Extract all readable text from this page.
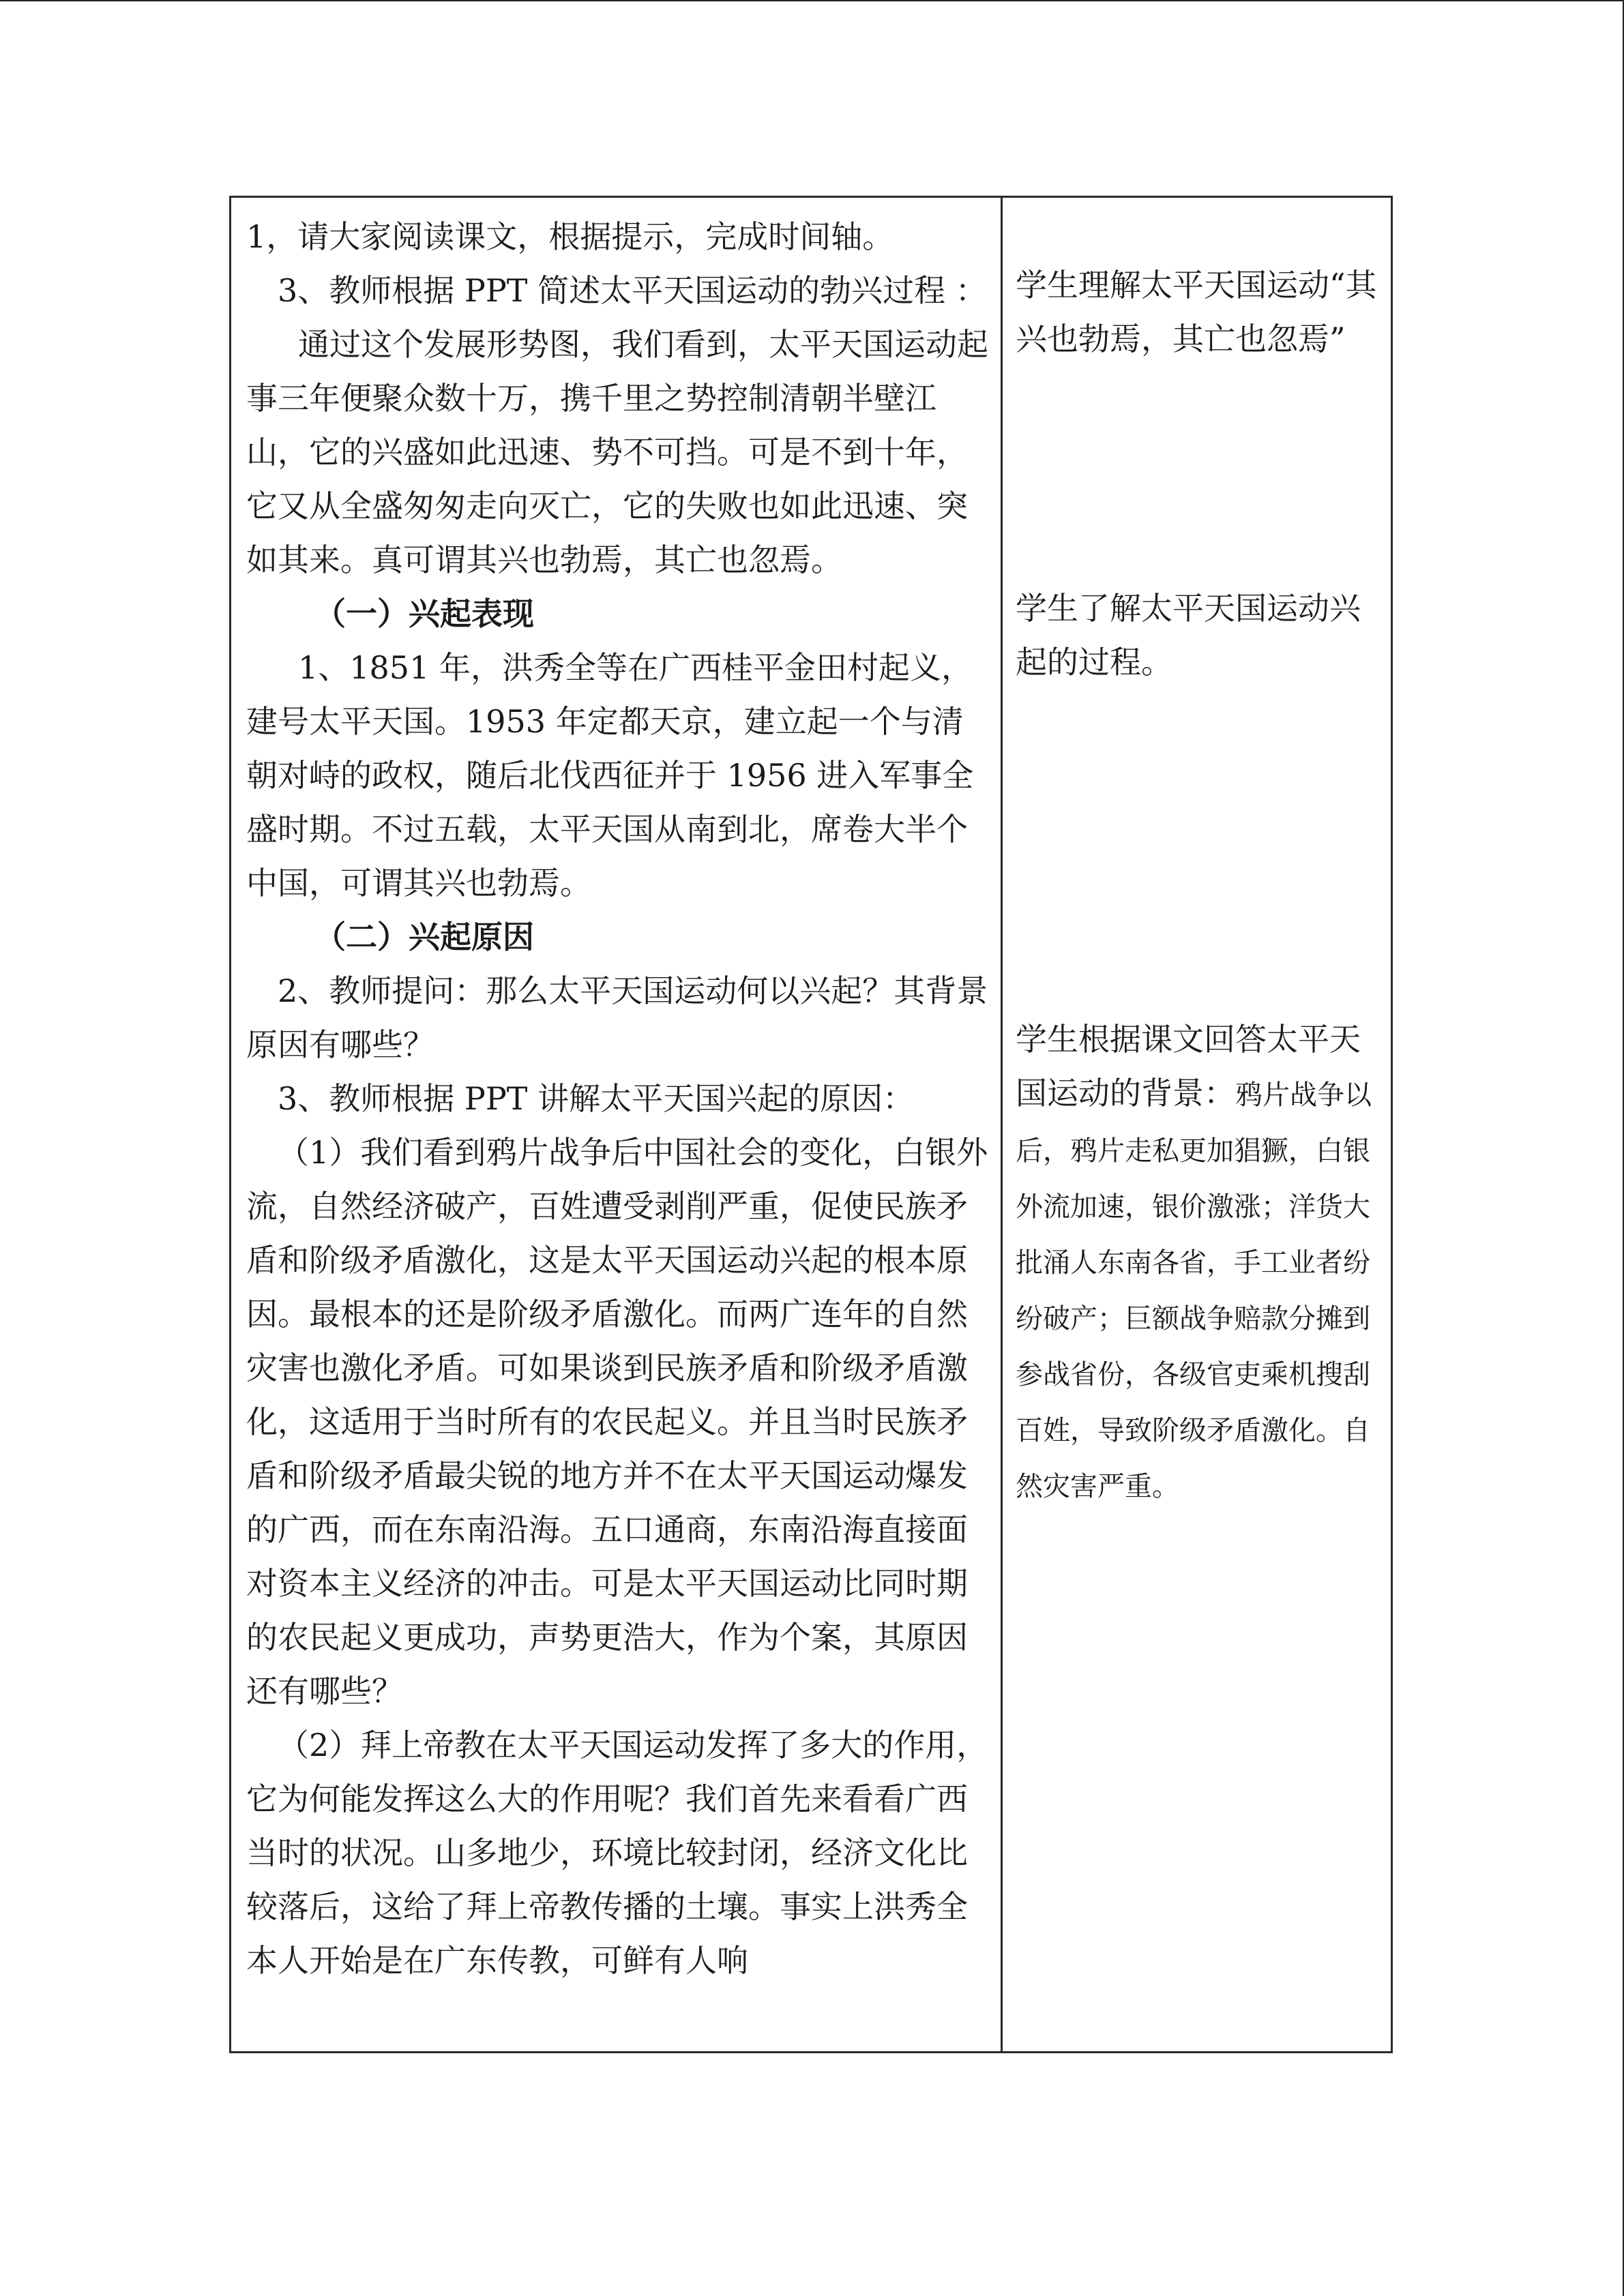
1，请大家阅读课文，根据提示，完成时间轴。

3、教师根据 PPT 简述太平天国运动的勃兴过程 ：

通过这个发展形势图，我们看到，太平天国运动起事三年便聚众数十万，携千里之势控制清朝半壁江山，它的兴盛如此迅速、势不可挡。可是不到十年，它又从全盛匆匆走向灭亡，它的失败也如此迅速、突如其来。真可谓其兴也勃焉，其亡也忽焉。

（一）兴起表现

1、1851 年，洪秀全等在广西桂平金田村起义，建号太平天国。1953 年定都天京，建立起一个与清朝对峙的政权，随后北伐西征并于 1956 进入军事全盛时期。不过五载，太平天国从南到北，席卷大半个中国，可谓其兴也勃焉。

（二）兴起原因

2、教师提问：那么太平天国运动何以兴起？其背景原因有哪些？

3、教师根据 PPT 讲解太平天国兴起的原因：

（1）我们看到鸦片战争后中国社会的变化，白银外流，自然经济破产，百姓遭受剥削严重，促使民族矛盾和阶级矛盾激化，这是太平天国运动兴起的根本原因。最根本的还是阶级矛盾激化。而两广连年的自然灾害也激化矛盾。可如果谈到民族矛盾和阶级矛盾激化，这适用于当时所有的农民起义。并且当时民族矛盾和阶级矛盾最尖锐的地方并不在太平天国运动爆发的广西，而在东南沿海。五口通商，东南沿海直接面对资本主义经济的冲击。可是太平天国运动比同时期的农民起义更成功，声势更浩大，作为个案，其原因还有哪些？

（2）拜上帝教在太平天国运动发挥了多大的作用，它为何能发挥这么大的作用呢？我们首先来看看广西当时的状况。山多地少，环境比较封闭，经济文化比较落后，这给了拜上帝教传播的土壤。事实上洪秀全本人开始是在广东传教，可鲜有人响

学生理解太平天国运动“其兴也勃焉，其亡也忽焉”

学生了解太平天国运动兴起的过程。

学生根据课文回答太平天国运动的背景：鸦片战争以后，鸦片走私更加猖獗，白银外流加速，银价激涨；洋货大批涌人东南各省，手工业者纷纷破产；巨额战争赔款分摊到参战省份，各级官吏乘机搜刮百姓，导致阶级矛盾激化。自然灾害严重。
